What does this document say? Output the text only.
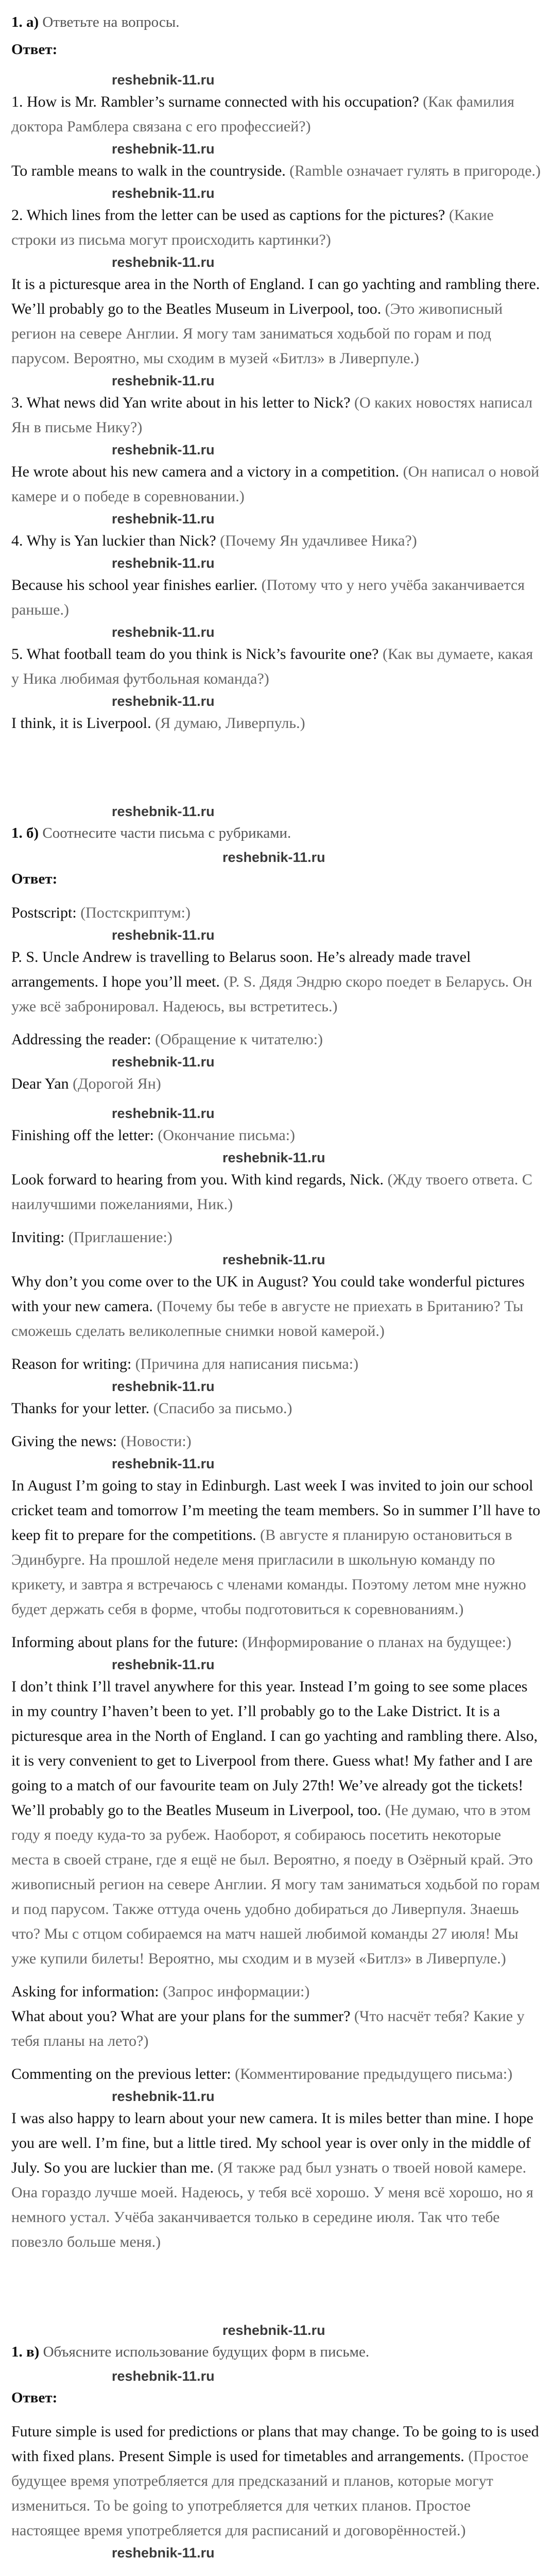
1. a) Ответьте на вопросы.

Ответ:

reshebnik-11.ru

1. How is Mr. Rambler’s surname connected with his occupation? (Как фамилия доктора Рамблера связана с его профессией?)

reshebnik-11.ru

To ramble means to walk in the countryside. (Ramble означает гулять в пригороде.)

reshebnik-11.ru

2. Which lines from the letter can be used as captions for the pictures? (Какие строки из письма могут происходить картинки?)

reshebnik-11.ru

It is a picturesque area in the North of England. I can go yachting and rambling there. We’ll probably go to the Beatles Museum in Liverpool, too. (Это живописный регион на севере Англии. Я могу там заниматься ходьбой по горам и под парусом. Вероятно, мы сходим в музей «Битлз» в Ливерпуле.)

reshebnik-11.ru

3. What news did Yan write about in his letter to Nick? (О каких новостях написал Ян в письме Нику?)

reshebnik-11.ru

He wrote about his new camera and a victory in a competition. (Он написал о новой камере и о победе в соревновании.)

reshebnik-11.ru

4. Why is Yan luckier than Nick? (Почему Ян удачливее Ника?)

reshebnik-11.ru

Because his school year finishes earlier. (Потому что у него учёба заканчивается раньше.)

reshebnik-11.ru

5. What football team do you think is Nick’s favourite one? (Как вы думаете, какая у Ника любимая футбольная команда?)

reshebnik-11.ru

I think, it is Liverpool. (Я думаю, Ливерпуль.)

reshebnik-11.ru

1. б) Соотнесите части письма с рубриками.

reshebnik-11.ru

Ответ:

Postscript: (Постскриптум:)

reshebnik-11.ru

P. S. Uncle Andrew is travelling to Belarus soon. He’s already made travel arrangements. I hope you’ll meet. (P. S. Дядя Эндрю скоро поедет в Беларусь. Он уже всё забронировал. Надеюсь, вы встретитесь.)

Addressing the reader: (Обращение к читателю:)

reshebnik-11.ru

Dear Yan (Дорогой Ян)

reshebnik-11.ru

Finishing off the letter: (Окончание письма:)

reshebnik-11.ru

Look forward to hearing from you. With kind regards, Nick. (Жду твоего ответа. С наилучшими пожеланиями, Ник.)

Inviting: (Приглашение:)

reshebnik-11.ru

Why don’t you come over to the UK in August? You could take wonderful pictures with your new camera. (Почему бы тебе в августе не приехать в Британию? Ты сможешь сделать великолепные снимки новой камерой.)

Reason for writing: (Причина для написания письма:)

reshebnik-11.ru

Thanks for your letter. (Спасибо за письмо.)

Giving the news: (Новости:)

reshebnik-11.ru

In August I’m going to stay in Edinburgh. Last week I was invited to join our school cricket team and tomorrow I’m meeting the team members. So in summer I’ll have to keep fit to prepare for the competitions. (В августе я планирую остановиться в Эдинбурге. На прошлой неделе меня пригласили в школьную команду по крикету, и завтра я встречаюсь с членами команды. Поэтому летом мне нужно будет держать себя в форме, чтобы подготовиться к соревнованиям.)

Informing about plans for the future: (Информирование о планах на будущее:)

reshebnik-11.ru

I don’t think I’ll travel anywhere for this year. Instead I’m going to see some places in my country I’haven’t been to yet. I’ll probably go to the Lake District. It is a picturesque area in the North of England. I can go yachting and rambling there. Also, it is very convenient to get to Liverpool from there. Guess what! My father and I are going to a match of our favourite team on July 27th! We’ve already got the tickets! We’ll probably go to the Beatles Museum in Liverpool, too. (Не думаю, что в этом году я поеду куда-то за рубеж. Наоборот, я собираюсь посетить некоторые места в своей стране, где я ещё не был. Вероятно, я поеду в Озёрный край. Это живописный регион на севере Англии. Я могу там заниматься ходьбой по горам и под парусом. Также оттуда очень удобно добираться до Ливерпуля. Знаешь что? Мы с отцом собираемся на матч нашей любимой команды 27 июля! Мы уже купили билеты! Вероятно, мы сходим и в музей «Битлз» в Ливерпуле.)

Asking for information: (Запрос информации:)

What about you? What are your plans for the summer? (Что насчёт тебя? Какие у тебя планы на лето?)

Commenting on the previous letter: (Комментирование предыдущего письма:)

reshebnik-11.ru

I was also happy to learn about your new camera. It is miles better than mine. I hope you are well. I’m fine, but a little tired. My school year is over only in the middle of July. So you are luckier than me. (Я также рад был узнать о твоей новой камере. Она гораздо лучше моей. Надеюсь, у тебя всё хорошо. У меня всё хорошо, но я немного устал. Учёба заканчивается только в середине июля. Так что тебе повезло больше меня.)

reshebnik-11.ru

1. в) Объясните использование будущих форм в письме.

reshebnik-11.ru

Ответ:

Future simple is used for predictions or plans that may change. To be going to is used with fixed plans. Present Simple is used for timetables and arrangements. (Простое будущее время употребляется для предсказаний и планов, которые могут измениться. To be going to употребляется для четких планов. Простое настоящее время употребляется для расписаний и договорённостей.)

reshebnik-11.ru
